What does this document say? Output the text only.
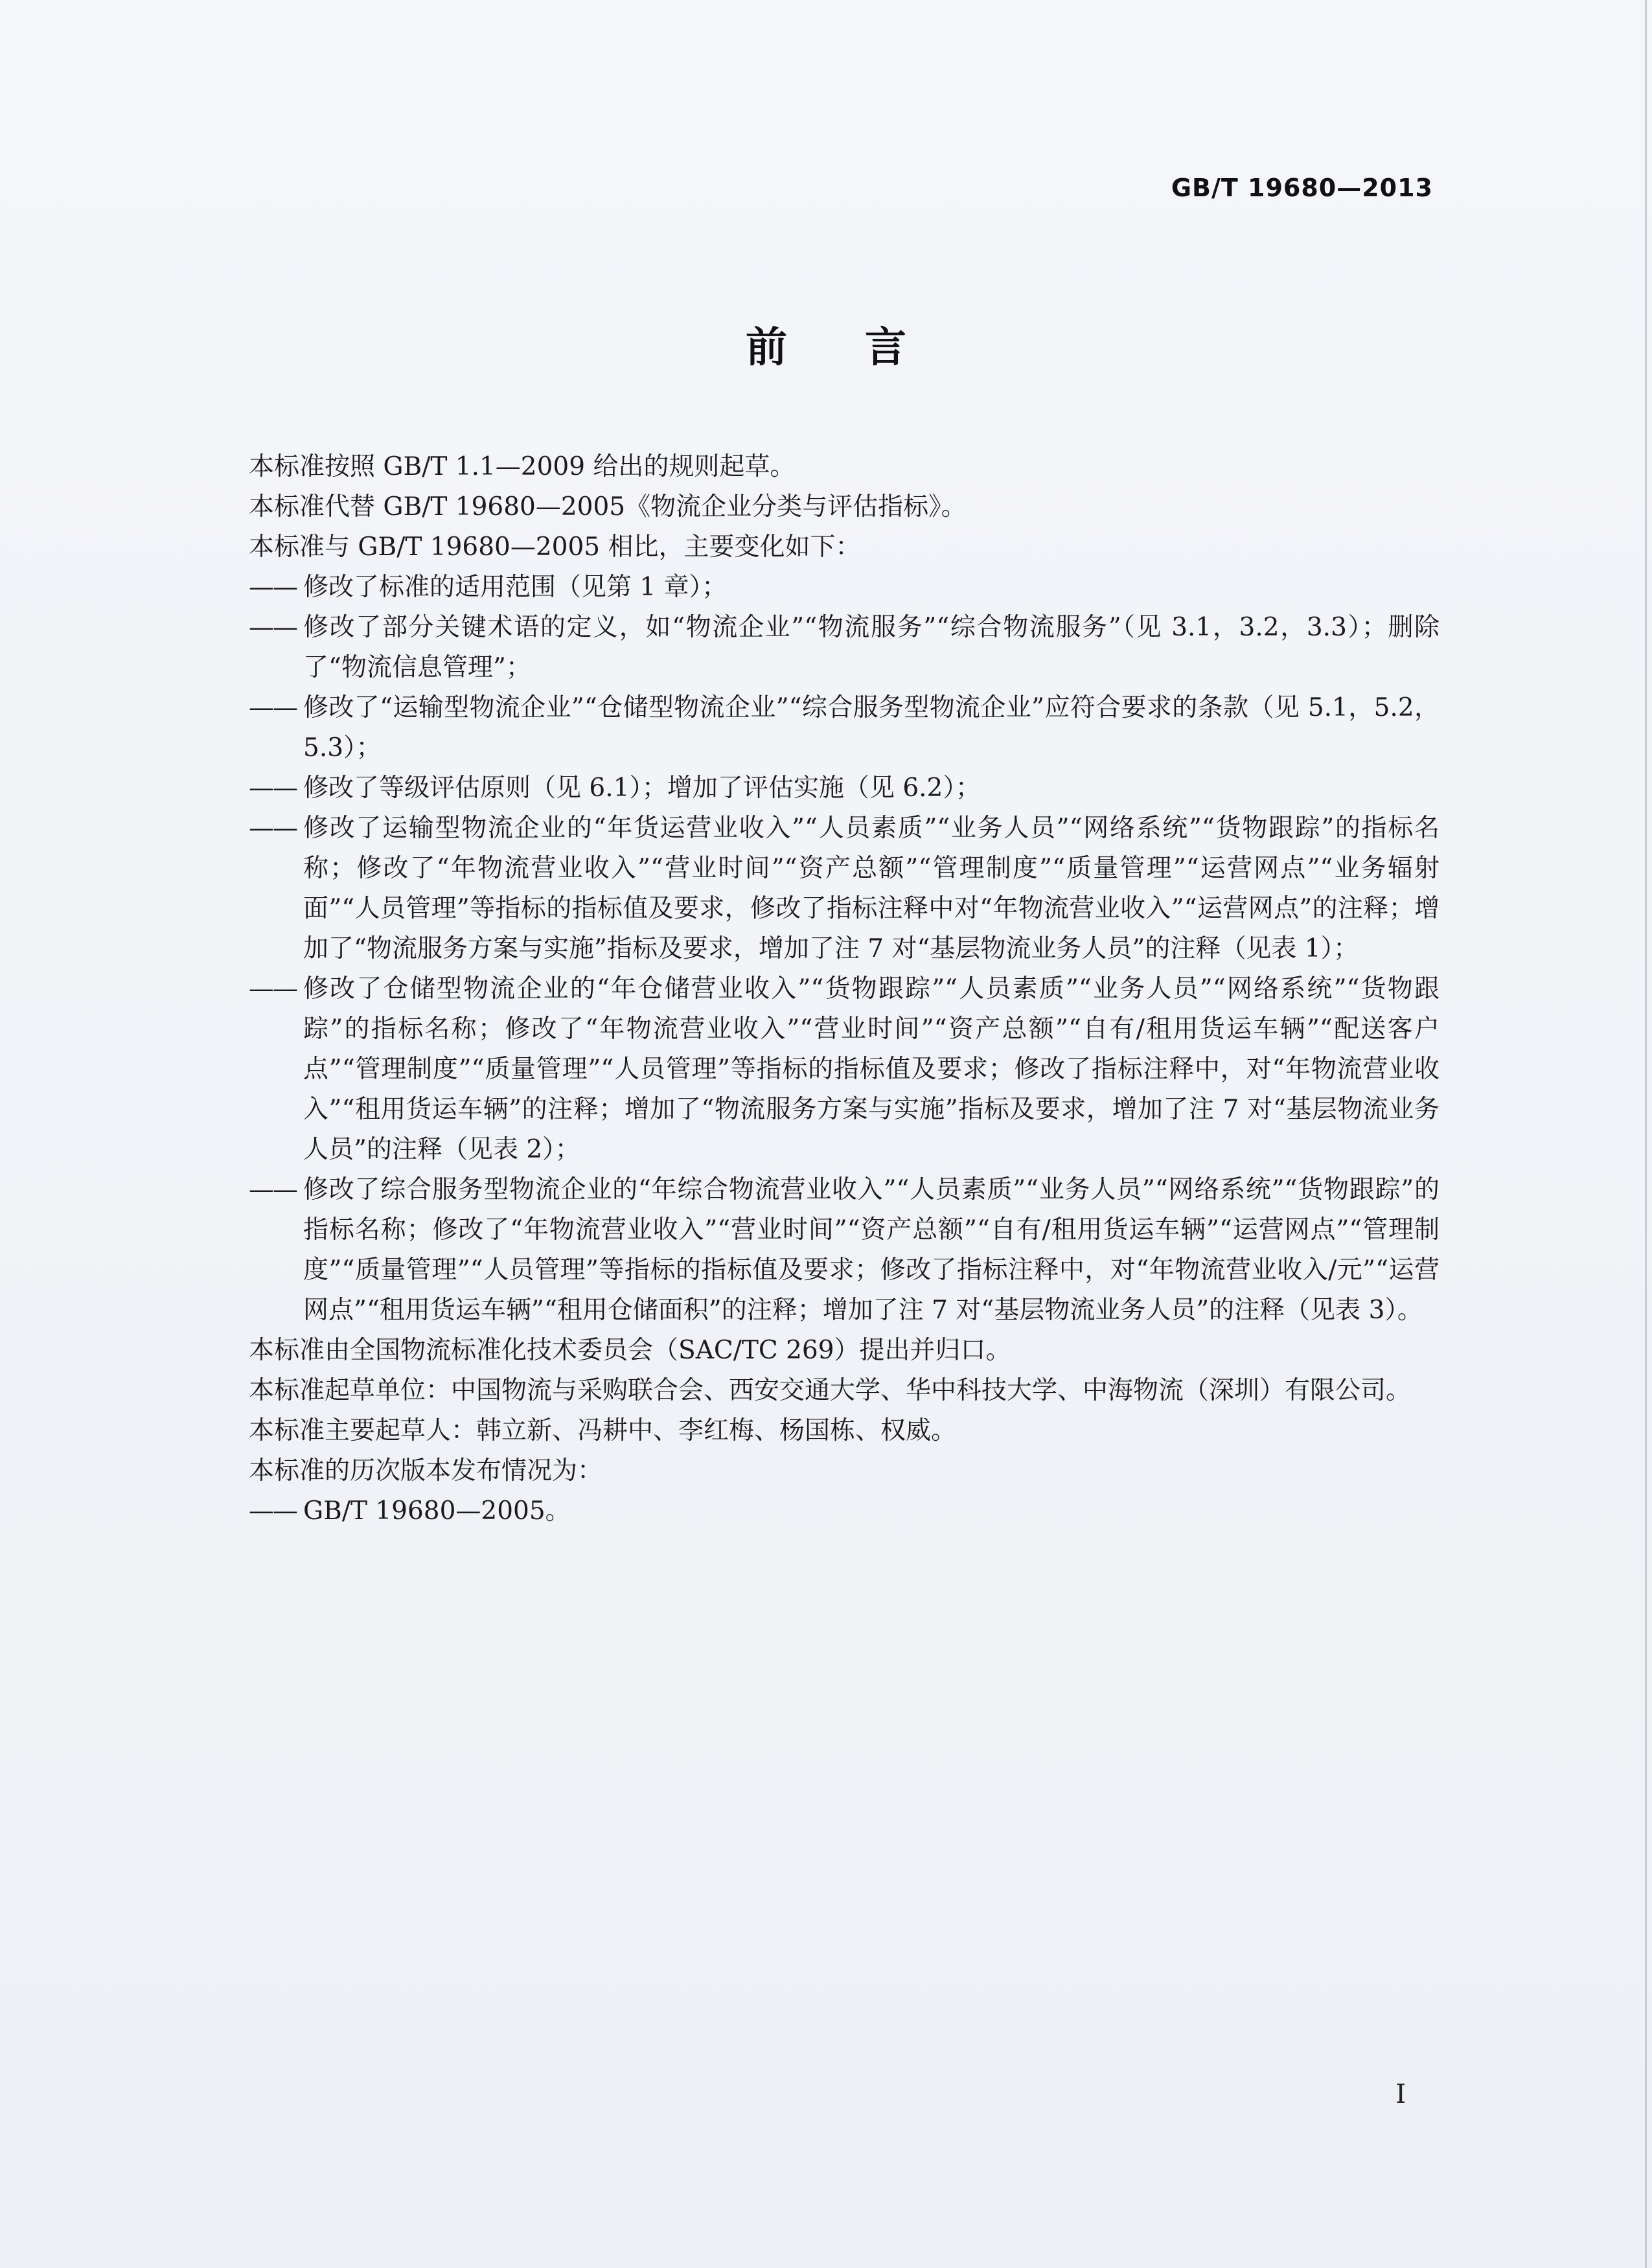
GB/T 19680—2013
前言

本标准按照 GB/T 1.1—2009 给出的规则起草。

本标准代替 GB/T 19680—2005《物流企业分类与评估指标》。

本标准与 GB/T 19680—2005 相比，主要变化如下：

—— 修改了标准的适用范围（见第 1 章）；
—— 修改了部分关键术语的定义，如“物流企业”“物流服务”“综合物流服务”（见 3.1，3.2，3.3）；删除了“物流信息管理”；
—— 修改了“运输型物流企业”“仓储型物流企业”“综合服务型物流企业”应符合要求的条款（见 5.1，5.2，5.3）；
—— 修改了等级评估原则（见 6.1）；增加了评估实施（见 6.2）；
—— 修改了运输型物流企业的“年货运营业收入”“人员素质”“业务人员”“网络系统”“货物跟踪”的指标名称；修改了“年物流营业收入”“营业时间”“资产总额”“管理制度”“质量管理”“运营网点”“业务辐射面”“人员管理”等指标的指标值及要求，修改了指标注释中对“年物流营业收入”“运营网点”的注释；增加了“物流服务方案与实施”指标及要求，增加了注 7 对“基层物流业务人员”的注释（见表 1）；
—— 修改了仓储型物流企业的“年仓储营业收入”“货物跟踪”“人员素质”“业务人员”“网络系统”“货物跟踪”的指标名称；修改了“年物流营业收入”“营业时间”“资产总额”“自有/租用货运车辆”“配送客户点”“管理制度”“质量管理”“人员管理”等指标的指标值及要求；修改了指标注释中，对“年物流营业收入”“租用货运车辆”的注释；增加了“物流服务方案与实施”指标及要求，增加了注 7 对“基层物流业务人员”的注释（见表 2）；
—— 修改了综合服务型物流企业的“年综合物流营业收入”“人员素质”“业务人员”“网络系统”“货物跟踪”的指标名称；修改了“年物流营业收入”“营业时间”“资产总额”“自有/租用货运车辆”“运营网点”“管理制度”“质量管理”“人员管理”等指标的指标值及要求；修改了指标注释中，对“年物流营业收入/元”“运营网点”“租用货运车辆”“租用仓储面积”的注释；增加了注 7 对“基层物流业务人员”的注释（见表 3）。

本标准由全国物流标准化技术委员会（SAC/TC 269）提出并归口。

本标准起草单位：中国物流与采购联合会、西安交通大学、华中科技大学、中海物流（深圳）有限公司。

本标准主要起草人：韩立新、冯耕中、李红梅、杨国栋、权威。

本标准的历次版本发布情况为：

—— GB/T 19680—2005。
I
